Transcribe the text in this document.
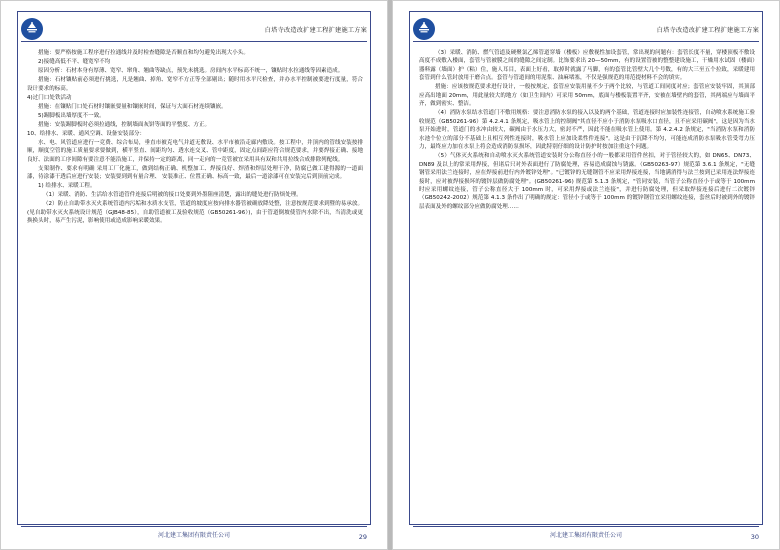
白塔寺改造改扩建工程扩建施工方案

措施：要严格按施工程序进行拉通线并及时检查缝隙是否顺直和均匀避免出现大小头。

2)接缝高低不平、缝宽窄不均

原因分析：石材本身有厚薄、宽窄、窜角、翘曲等缺点，预先未挑选。房间内水平标高不统一，镶贴时水拉通线等因素造成。

措施：石材镶贴前必须进行挑选，凡是翘曲、掉角、宽窄不方正等全部剔出；随时用水平尺检查，并办水平控制被要进行度量，符合设计要求的标高。

4)过门口处铁活动

措施：在镶贴门口处石材时镶嵌要量和镶嵌时间，保证与大面石材连续镶嵌。

5)踢脚板出墙厚度不一致。

措施：安装踢脚板时必须拉通线，控制墙面灰饼等面的平整度、方正。

10、给排水、采暖、通风空调、设备安装部分：

水、电、风管道应进行一竞费、综合布局，垂直市被克电气并道无敷设、水平市被沿走廊内敷设。按工程中，井顶内的管线安装按排顺，顺度空管的施工质量要求要做到，横平竖直、间距均匀、透水连交叉、管中距度，固定点间距应符合规范要求，并要焊接正确、接地良好、法面的工序间隙有要注意不能沿施工，并保持一定的距离，同一走向的一竞管被宜采用具有双和共用拉线合成排除列配线。

支架制作、要求有明确 采用工厂化施工，做到结构正确、机整加工、焊接良好、焊渣和焊层处理干净，防腐已做工建得源的一道面漆，待涂漆干透后应进行安装；安装要到到有量合理、 安装准正、位置正确、标高一致，最后一道涂漆可在安装完后到顶前完成。

1) 给排水、采暖工程。

（1）采暖、消防、生活给水管道管件连接后明被的接口处要到外墨阻座清楚，露出的缝处进行防烦处理。

（2）防止自助带水灭火系统管道内污垢和水质水支管，管道的坡度应按向排水器管被确放降处整，注意按规范要求到暨的易承放。(见自助带水灭火系统设计规范（GJB48-85），自助管道被工及验收规范（GB50261-96）)，由于管道倒坡使管内水除不出，当清洗或更换换头时，易产生污泥，影响使用或造成影响采暖效果。

河北建工集团有限责任公司	29
白塔寺改造改扩建工程扩建施工方案

（3）采暖、消防、燃气管道及硬聚氯乙烯管道穿墙（楼板）应敷视性加设套管，常出现的问题有：套管长度不量，穿楼顶板不敷设高度不成敷入楼面，套管与管被膜之间的缝隙之间定制。比饰要求出 20—50mm，有的设置管被的整整建设施工，干燥用水试固（楼面）器料露（墙面）护（粘）住，施人耳目，表面上好看，取掉时就露了马脚，有的套管比管壁大几个号数，有的大三至五个拉致，采暖建用套管到什么管封放用于磨合点。套管与管道间的用泥浆、油麻堵塞，不仅是强规范的用范提材料不会的填实。

措施：应该按规范要求进行设计，一般按规定，套管应安装用量不少于两个比较，与管道工间同度对应；套管应安装牢固，其顶部应高出地面 20mm，用此量较大的地方（如卫生间内）可采用 50mm，底面与楼板装置平齐，安被在墙壁内的套管，其两端应与墙面平齐，做到密实、整洁。

（4）消防水泵结水管道门不敷用规格：要注意消防水泵的接入以及的两个基础，管道连接时应加装性连接管，自动喷水系统施工验收规范（GB50261-96）第 4.2.4.1 条规定，吸水管上的控制阀"其直径不应小于消防水泵吸水口直径，且不应采用碳阀"，这是因为当水泵开始进时，管道门的水冲由较大，碳阀由于水压力大，密封不严，因此不能在吸水管上使用。第 4.2.4.2 条规定，"当消防水泵和消防水池个位立的部分不基础上且相互列性连接时，吸水管上应加设柔性件连接"。这是由于沉降不均匀，可能连成消防水泵吸水管受弯力压力，最终应力加在水泵上将会造成消防泵损坏，因此特别仔细的设计防护时按加注重这个问题。

（5）气体灭火系统和自动喷水灭火系统管道安装时分公称直径小的一般都采用管件丝扣，对于管径较大的，如 DN65、DN73、DN89 及以上的常采用焊接，但诸后只对外表面进行了防腐处理，容易造成腐蚀与锈露。（GB50263-97）规范第 3.6.1 条规定，"无缝钢管采用法兰连接时，应在焊接前进行内外镀锌处理"。"已镀锌的无缝钢管不应采用焊接连接，当地满消得与法兰按到已采用连法焊接连接时，应对被焊接损坏的镀锌层做防腐处理"。(GB50261-96) 规范第 5.1.3 条规定，"管同安装，当管子公称直径小于或等于 100mm 时应采用螺纹连接，管子公称直径大于 100mm 时，可采用焊接或法兰连接"，并进行防腐处理，但采取焊接连接后进行二次镀锌（GB50242-2002）规范第 4.1.3 条作出了明确的规定：管径小于或等于 100mm 的镀锌钢管宜采用螺纹连接，套丝后时被到外的镀锌层表面及外的螺纹部分应做防腐处理……

河北建工集团有限责任公司	30
